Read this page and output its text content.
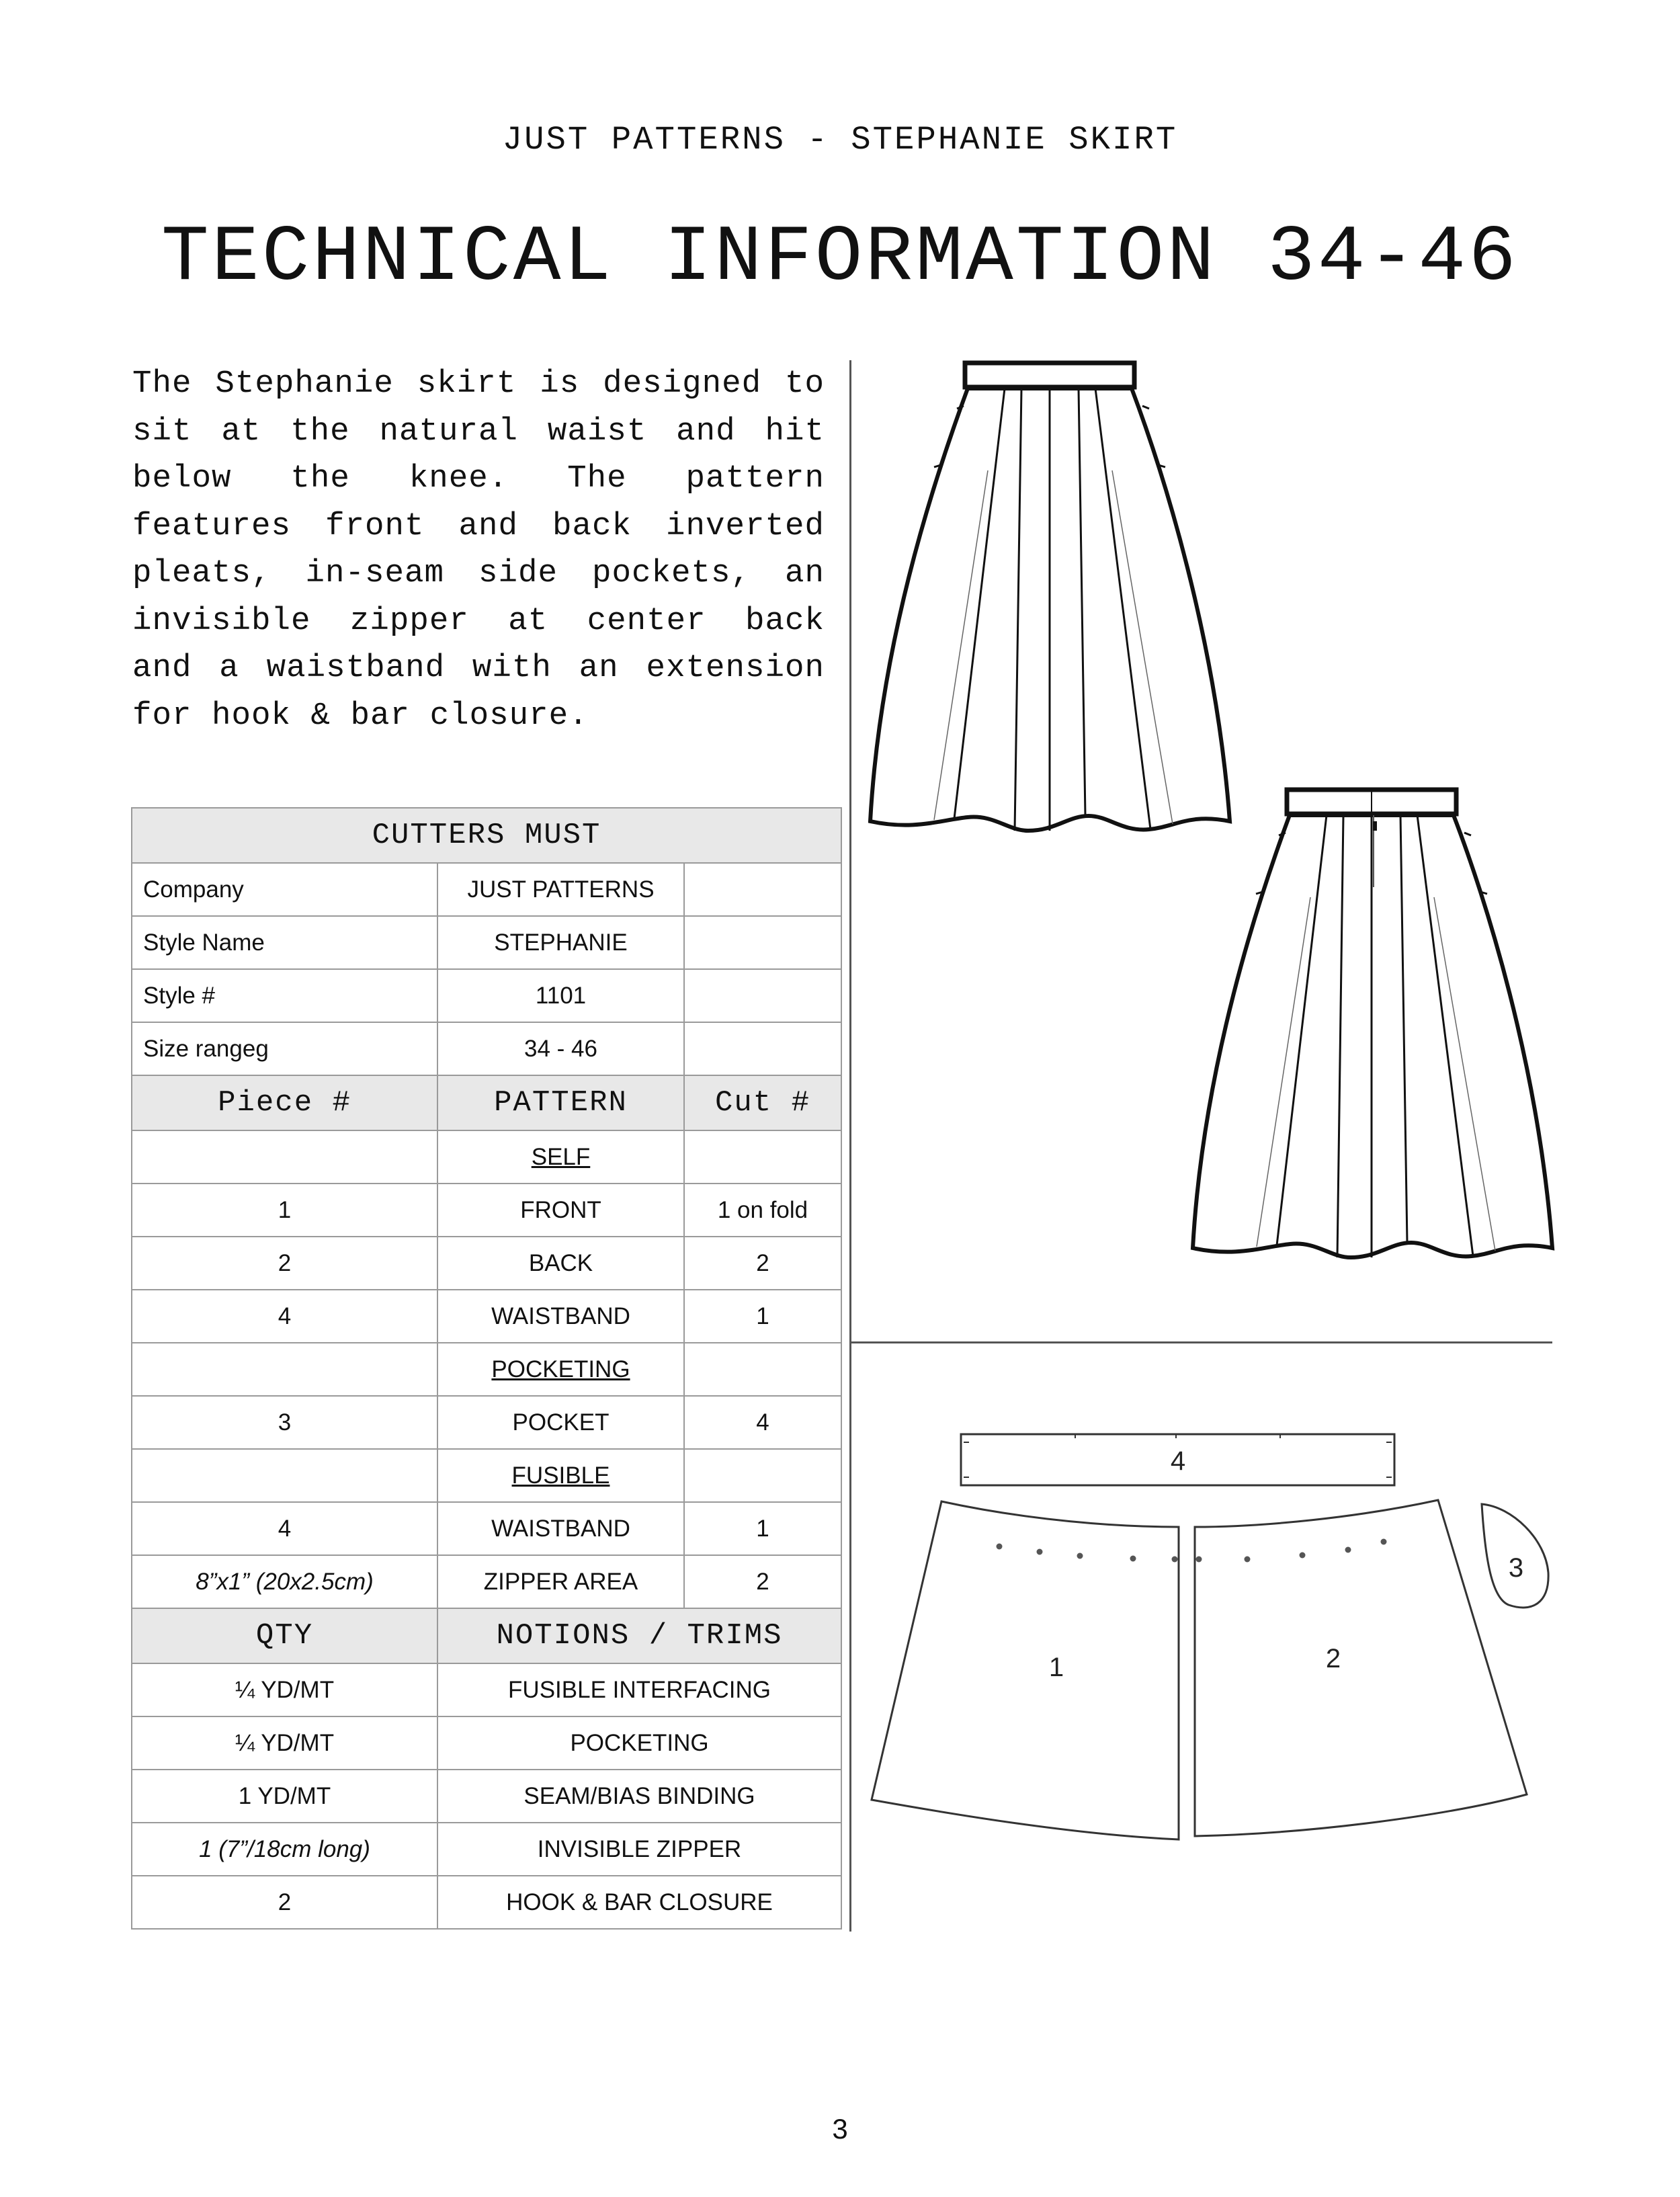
JUST PATTERNS - STEPHANIE SKIRT
TECHNICAL INFORMATION 34-46
The Stephanie skirt is designed to sit at the natural waist and hit below the knee. The pattern features front and back inverted pleats, in-seam side pockets, an invisible zipper at center back and a waistband with an extension for hook & bar closure.
CUTTERS MUST		
Company	JUST PATTERNS	
Style Name	STEPHANIE	
Style #	1101	
Size rangeg	34 - 46	
Piece #	PATTERN	Cut #
	SELF	
1	FRONT	1 on fold
2	BACK	2
4	WAISTBAND	1
	POCKETING	
3	POCKET	4
	FUSIBLE	
4	WAISTBAND	1
8”x1” (20x2.5cm)	ZIPPER AREA	2
QTY	NOTIONS / TRIMS	
¼ YD/MT	FUSIBLE INTERFACING	
¼ YD/MT	POCKETING	
1 YD/MT	SEAM/BIAS BINDING	
1 (7”/18cm long)	INVISIBLE ZIPPER	
2	HOOK & BAR CLOSURE	
4
1	2
3
3
